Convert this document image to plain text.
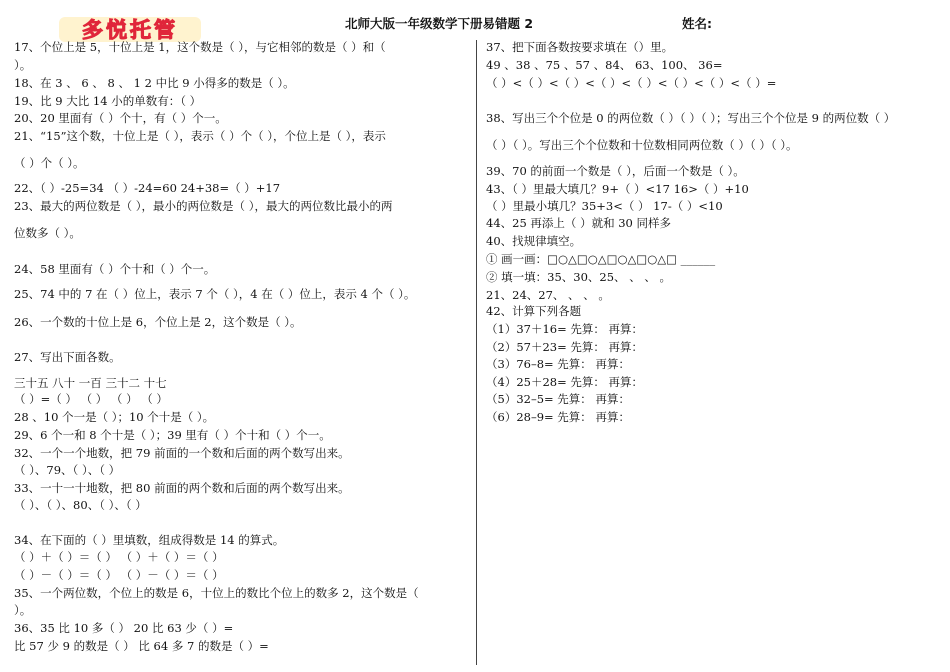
多悦托管	北师大版一年级数学下册易错题 2	姓名:
17、个位上是 5，十位上是 1，这个数是（ ），与它相邻的数是（ ）和（
）。
18、在 3 、 6 、 8 、 1 2 中比 9 小得多的数是（ ）。
19、比 9 大比 14 小的单数有：（ ）
20、20 里面有（ ）个十，有（ ）个一。
21、“15”这个数，十位上是（ ），表示（ ）个（ ），个位上是（ ），表示
（ ）个（ ）。
22、（ ）-25=34 （ ）-24=60 24+38=（ ）+17
23、最大的两位数是（ ），最小的两位数是（ ），最大的两位数比最小的两
位数多（ ）。
24、58 里面有（ ）个十和（ ）个一。
25、74 中的 7 在（ ）位上，表示 7 个（ ），4 在（ ）位上，表示 4 个（ ）。
26、一个数的十位上是 6，个位上是 2，这个数是（ ）。
27、写出下面各数。
三十五 八十 一百 三十二 十七
（ ）=（ ） （ ） （ ） （ ）
28 、10 个一是（ ）；10 个十是（ ）。
29、6 个一和 8 个十是（ ）；39 里有（ ）个十和（ ）个一。
32、一个一个地数，把 79 前面的一个数和后面的两个数写出来。
（ ）、79、（ ）、（ ）
33、一十一十地数，把 80 前面的两个数和后面的两个数写出来。
（ ）、（ ）、80、（ ）、（ ）
34、在下面的（ ）里填数，组成得数是 14 的算式。
（ ）＋（ ）＝（ ） （ ）＋（ ）＝（ ）
（ ）－（ ）＝（ ） （ ）－（ ）＝（ ）
35、一个两位数，个位上的数是 6，十位上的数比个位上的数多 2，这个数是（
）。
36、35 比 10 多（ ） 20 比 63 少（ ）=
比 57 少 9 的数是（ ） 比 64 多 7 的数是（ ）=
37、把下面各数按要求填在（）里。
49 、38 、75 、57 、84、 63、100、 36=
（ ）<（ ）<（ ）<（ ）<（ ）<（ ）<（ ）<（ ）=
38、写出三个个位是 0 的两位数（ ）（ ）（ ）；写出三个个位是 9 的两位数（ ）
（ ）（ ）。写出三个个位数和十位数相同两位数（ ）（ ）（ ）。
39、70 的前面一个数是（ ），后面一个数是（ ）。
43、（ ）里最大填几？9+（ ）<17 16>（ ）+10
（ ）里最小填几？35+3<（ ） 17-（ ）<10
44、25 再添上（ ）就和 30 同样多
40、找规律填空。
① 画一画：□○△□○△□○△□○△□ ______
② 填一填：35、30、25、 、 、 。
21、24、27、 、 、 。
42、计算下列各题
（1）37＋16= 先算： 再算：
（2）57＋23= 先算： 再算：
（3）76–8= 先算： 再算：
（4）25＋28= 先算： 再算：
（5）32–5= 先算： 再算：
（6）28–9= 先算： 再算：
